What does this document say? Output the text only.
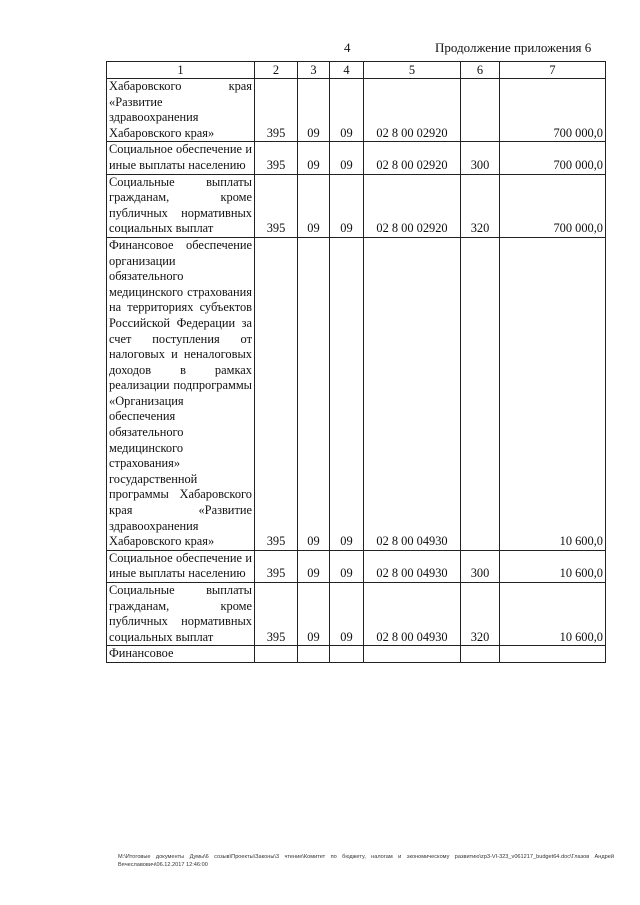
4	Продолжение приложения 6
1	2	3	4	5	6	7
Хабаровского края «Развитие здравоохранения Хабаровского края»	395	09	09	02 8 00 02920		700 000,0
Социальное обеспечение и иные выплаты населению	395	09	09	02 8 00 02920	300	700 000,0
Социальные выплаты гражданам, кроме публичных нормативных социальных выплат	395	09	09	02 8 00 02920	320	700 000,0
Финансовое обеспечение организации обязательного медицинского страхования на территориях субъектов Российской Федерации за счет поступления от налоговых и неналоговых доходов в рамках реализации подпрограммы «Организация обеспечения обязательного медицинского страхования» государственной программы Хабаровского края «Развитие здравоохранения Хабаровского края»	395	09	09	02 8 00 04930		10 600,0
Социальное обеспечение и иные выплаты населению	395	09	09	02 8 00 04930	300	10 600,0
Социальные выплаты гражданам, кроме публичных нормативных социальных выплат	395	09	09	02 8 00 04930	320	10 600,0
Финансовое						
М:\Итоговые документы Думы\6 созыв\Проекты\Законы\3 чтение\Комитет по бюджету, налогам и экономическому развитию\zp3-VI-323_v061217_budget64.doc\Глазов Андрей Вячеславович\06.12.2017 12:46:00
